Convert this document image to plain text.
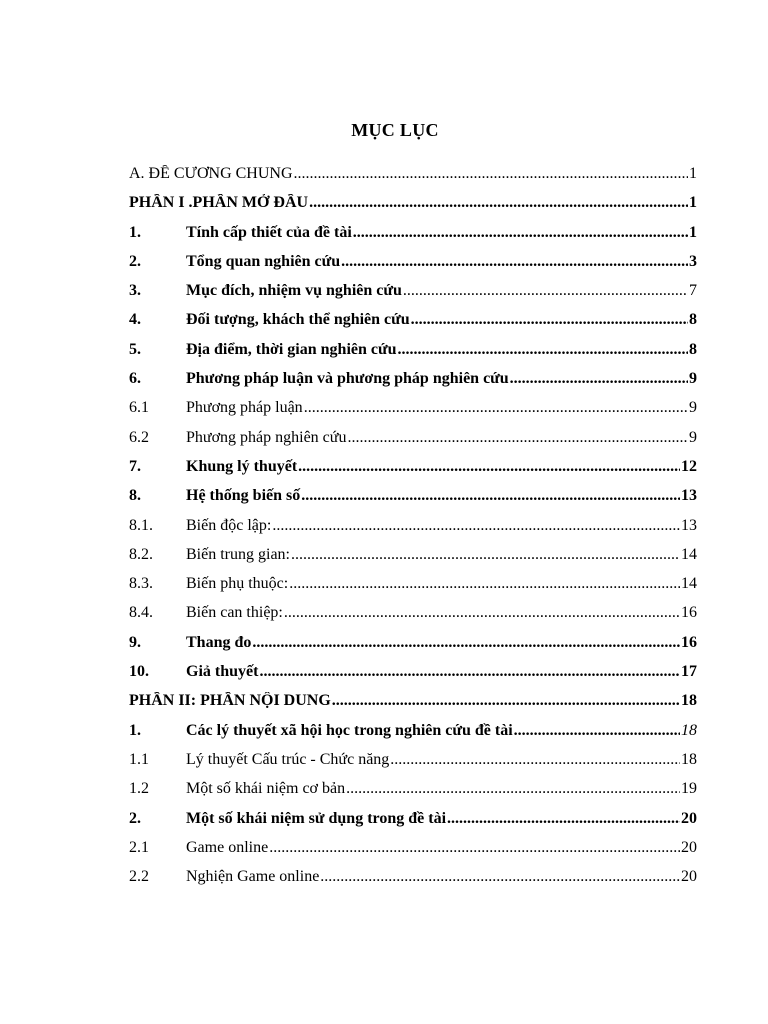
MỤC LỤC
A. ĐỀ CƯƠNG CHUNG .....	1
PHẦN I .PHẦN MỞ ĐẦU .....	1
1.	Tính cấp thiết của đề tài .....	1
2.	Tổng quan nghiên cứu .....	3
3.	Mục đích, nhiệm vụ nghiên cứu .....	7
4.	Đối tượng, khách thể nghiên cứu .....	8
5.	Địa điểm, thời gian nghiên cứu .....	8
6.	Phương pháp luận và phương pháp nghiên cứu .....	9
6.1	Phương pháp luận .....	9
6.2	Phương pháp nghiên cứu .....	9
7.	Khung lý thuyết .....	12
8.	Hệ thống biến số .....	13
8.1.	Biến độc lập: .....	13
8.2.	Biến trung gian: .....	14
8.3.	Biến phụ thuộc: .....	14
8.4.	Biến can thiệp: .....	16
9.	Thang đo .....	16
10.	Giả thuyết .....	17
PHẦN II: PHẦN NỘI DUNG .....	18
1.	Các lý thuyết xã hội học trong nghiên cứu đề tài .....	18
1.1	Lý thuyết Cấu trúc - Chức năng .....	18
1.2	Một số khái niệm cơ bản .....	19
2.	Một số khái niệm sử dụng trong đề tài .....	20
2.1	Game online .....	20
2.2	Nghiện Game online .....	20
